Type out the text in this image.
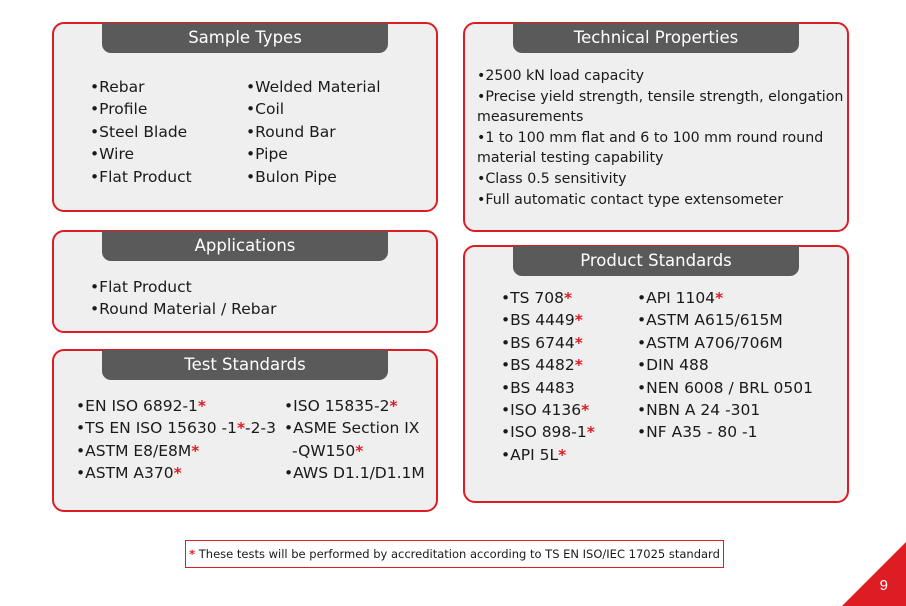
Sample Types
• Rebar
• Profile
• Steel Blade
• Wire
• Flat Product
• Welded Material
• Coil
• Round Bar
• Pipe
• Bulon Pipe
Technical Properties
• 2500 kN load capacity
• Precise yield strength, tensile strength, elongation measurements
• 1 to 100 mm flat and 6 to 100 mm round round material testing capability
• Class 0.5 sensitivity
• Full automatic contact type extensometer
Applications
• Flat Product
• Round Material / Rebar
Test Standards
• EN ISO 6892-1*
• TS EN ISO 15630 -1*-2-3
• ASTM E8/E8M*
• ASTM A370*
• ISO 15835-2*
• ASME Section IX
-QW150*
• AWS D1.1/D1.1M
Product Standards
• TS 708*
• BS 4449*
• BS 6744*
• BS 4482*
• BS 4483
• ISO 4136*
• ISO 898-1*
• API 5L*
• API 1104*
• ASTM A615/615M
• ASTM A706/706M
• DIN 488
• NEN 6008 / BRL 0501
• NBN A 24 -301
• NF A35 - 80 -1
* These tests will be performed by accreditation according to TS EN ISO/IEC 17025 standard
9
